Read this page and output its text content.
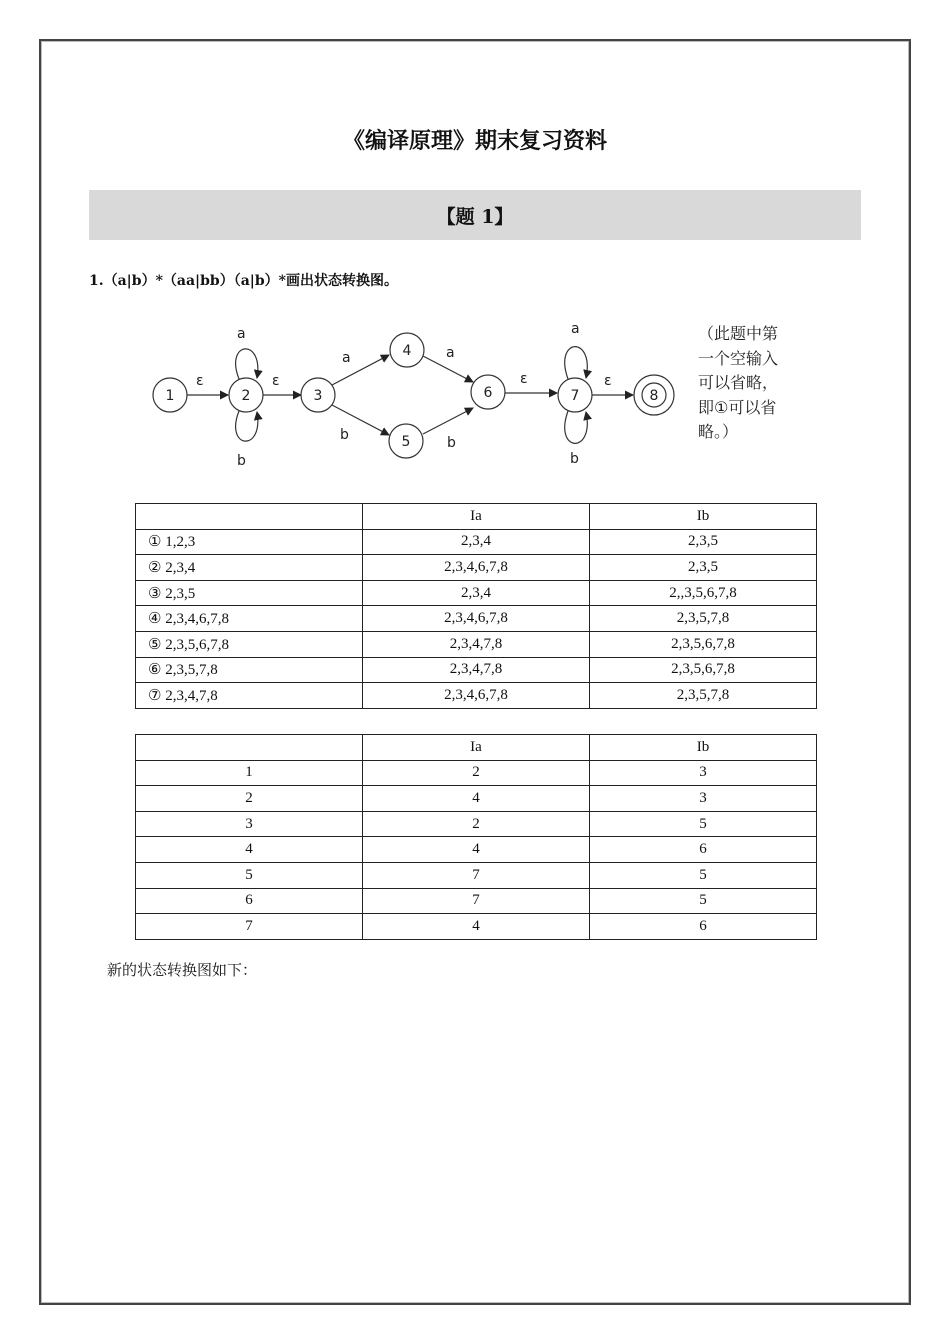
《编译原理》期末复习资料
【题 1】
1.（a|b）*（aa|bb）（a|b）*画出状态转换图。
ε	ε
a
b
a
b
a
b
ε	ε
a
b
1	2	3
4
5
6	7	8
（此题中第
一个空输入
可以省略，
即①可以省
略。）
	Ia	Ib
① 1,2,3	2,3,4	2,3,5
② 2,3,4	2,3,4,6,7,8	2,3,5
③ 2,3,5	2,3,4	2,,3,5,6,7,8
④ 2,3,4,6,7,8	2,3,4,6,7,8	2,3,5,7,8
⑤ 2,3,5,6,7,8	2,3,4,7,8	2,3,5,6,7,8
⑥ 2,3,5,7,8	2,3,4,7,8	2,3,5,6,7,8
⑦ 2,3,4,7,8	2,3,4,6,7,8	2,3,5,7,8
	Ia	Ib
1	2	3
2	4	3
3	2	5
4	4	6
5	7	5
6	7	5
7	4	6
新的状态转换图如下：
